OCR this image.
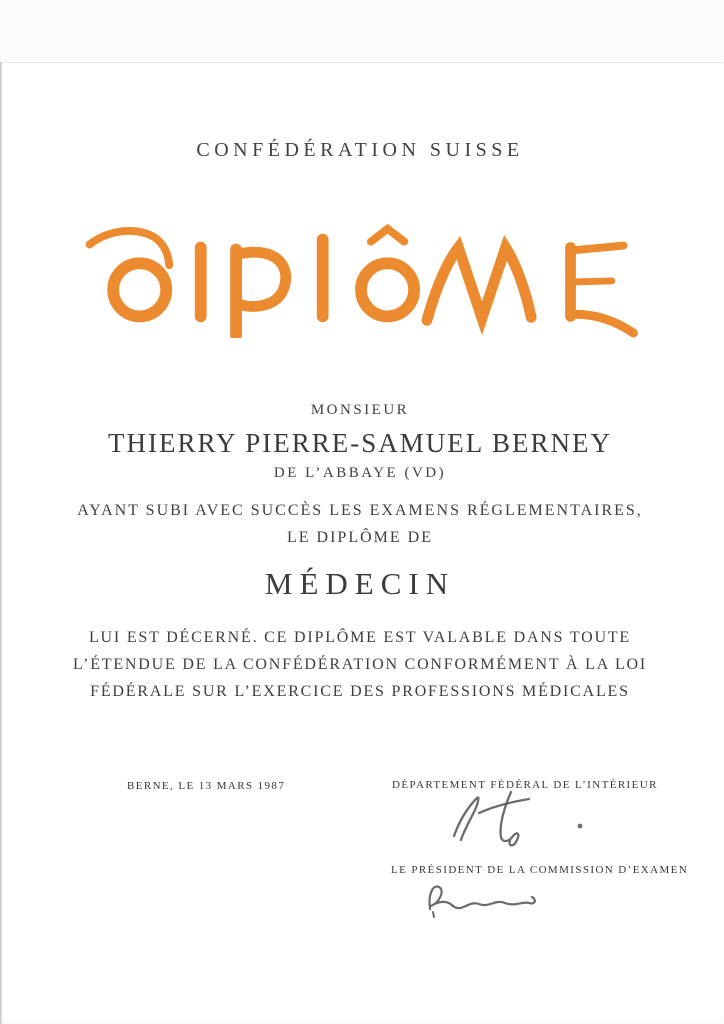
CONFÉDÉRATION SUISSE
MONSIEUR
THIERRY PIERRE-SAMUEL BERNEY
DE L’ABBAYE (VD)
AYANT SUBI AVEC SUCCÈS LES EXAMENS RÉGLEMENTAIRES,
LE DIPLÔME DE
MÉDECIN
LUI EST DÉCERNÉ. CE DIPLÔME EST VALABLE DANS TOUTE
L’ÉTENDUE DE LA CONFÉDÉRATION CONFORMÉMENT À LA LOI
FÉDÉRALE SUR L’EXERCICE DES PROFESSIONS MÉDICALES
BERNE, LE 13 MARS 1987	DÉPARTEMENT FÉDÉRAL DE L’INTÉRIEUR
LE PRÉSIDENT DE LA COMMISSION D’EXAMEN
